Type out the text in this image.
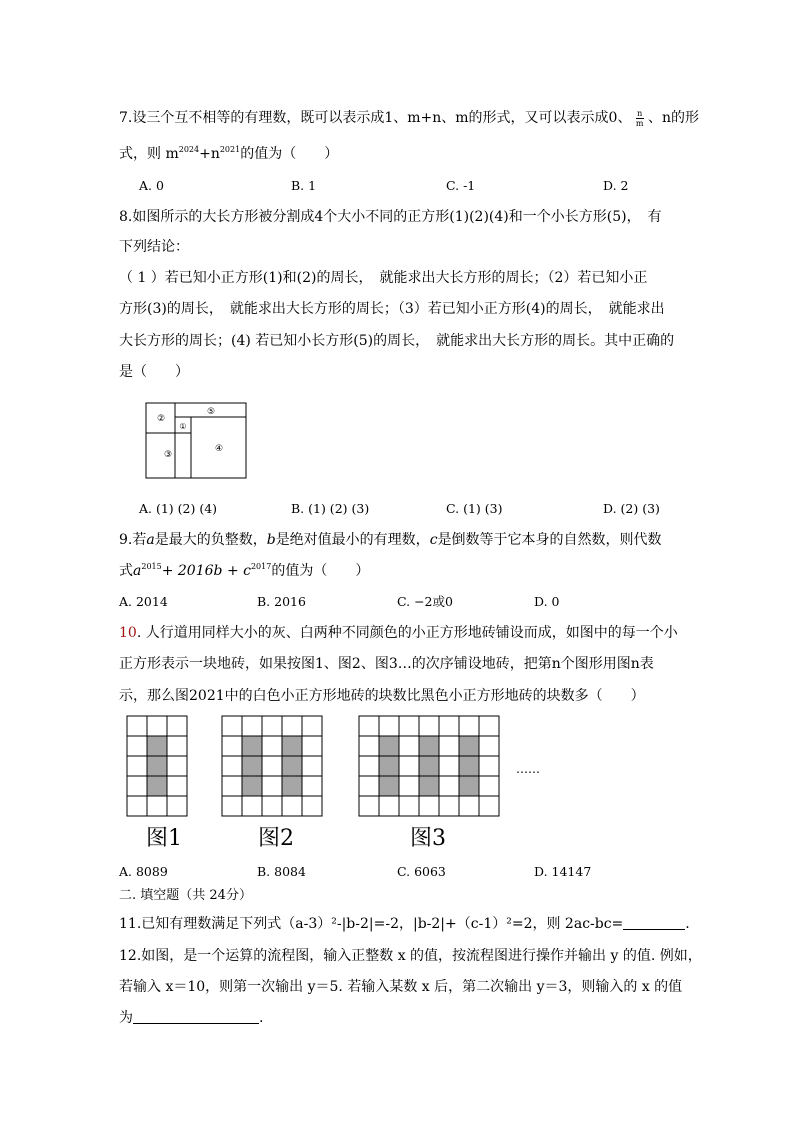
7.设三个互不相等的有理数，既可以表示成1、m+n、m的形式，又可以表示成0、 $\frac{n}{m}$ 、n的形
式，则 $m^{2024}+n^{2021}$的值为（　　）
A. 0	B. 1	C. -1	D. 2
8.如图所示的大长方形被分割成4个大小不同的正方形(1)(2)(4)和一个小长方形(5)，　有
下列结论：
（ 1 ）若已知小正方形(1)和(2)的周长，　就能求出大长方形的周长；（2）若已知小正
方形(3)的周长，　就能求出大长方形的周长；（3）若已知小正方形(4)的周长，　就能求出
大长方形的周长；(4) 若已知小长方形(5)的周长，　就能求出大长方形的周长。其中正确的
是（　　）
②
⑤
①
④
③
A. (1) (2) (4)	B. (1) (2) (3)	C. (1) (3)	D. (2) (3)
9.若a是最大的负整数，b是绝对值最小的有理数，c是倒数等于它本身的自然数，则代数
式$a^{2015}+ 2016b + c^{2017}$的值为（　　）
A. 2014	B. 2016	C. −2或0	D. 0
10. 人行道用同样大小的灰、白两种不同颜色的小正方形地砖铺设而成，如图中的每一个小
正方形表示一块地砖，如果按图1、图2、图3…的次序铺设地砖，把第n个图形用图n表
示，那么图2021中的白色小正方形地砖的块数比黑色小正方形地砖的块数多（　　）
……
图1	图2	图3
A. 8089	B. 8084	C. 6063	D. 14147
二. 填空题（共 24分）
11.已知有理数满足下列式（a-3）²-|b-2|=-2，|b-2|+（c-1）²=2，则 2ac-bc=	.
12.如图，是一个运算的流程图，输入正整数 x 的值，按流程图进行操作并输出 y 的值. 例如，
若输入 x＝10，则第一次输出 y＝5. 若输入某数 x 后，第二次输出 y＝3，则输入的 x 的值
为	.
